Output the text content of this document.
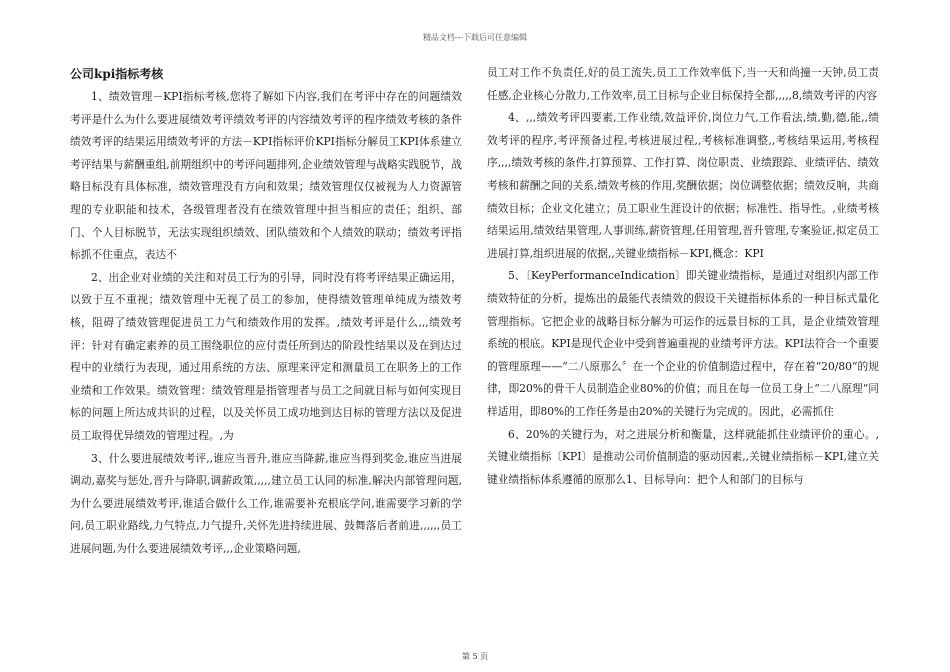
精品文档---下载后可任意编辑
公司kpi指标考核

1、绩效管理－KPI指标考核,您将了解如下内容,我们在考评中存在的问题绩效考评是什么为什么要进展绩效考评绩效考评的内容绩效考评的程序绩效考核的条件绩效考评的结果运用绩效考评的方法－KPI指标评价KPI指标分解员工KPI体系建立考评结果与薪酬重组,前期组织中的考评问题排列,企业绩效管理与战略实践脱节，战略目标没有具体标准，绩效管理没有方向和效果；绩效管理仅仅被视为人力资源管理的专业职能和技术，各级管理者没有在绩效管理中担当相应的责任；组织、部门、个人目标脱节，无法实现组织绩效、团队绩效和个人绩效的联动；绩效考评指标抓不住重点，表达不

2、出企业对业绩的关注和对员工行为的引导，同时没有将考评结果正确运用，以致于互不重视；绩效管理中无视了员工的参加，使得绩效管理单纯成为绩效考核，阻碍了绩效管理促进员工力气和绩效作用的发挥。,绩效考评是什么,,,绩效考评：针对有确定素养的员工围绕职位的应付责任所到达的阶段性结果以及在到达过程中的业绩行为表现，通过用系统的方法、原理来评定和测量员工在职务上的工作业绩和工作效果。绩效管理：绩效管理是指管理者与员工之间就目标与如何实现目标的问题上所达成共识的过程，以及关怀员工成功地到达目标的管理方法以及促进员工取得优异绩效的管理过程。,为

3、什么要进展绩效考评,,谁应当晋升,谁应当降薪,谁应当得到奖金,谁应当进展调动,嘉奖与惩处,晋升与降职,调薪政策,,,,,建立员工认同的标准,解决内部管理问题,为什么要进展绩效考评,谁适合做什么工作,谁需要补充根底学问,谁需要学习新的学问,员工职业路线,力气特点,力气提升,关怀先进持续进展、鼓舞落后者前进,,,,,,员工进展问题,为什么要进展绩效考评,,,企业策略问题,

员工对工作不负责任,好的员工流失,员工工作效率低下,当一天和尚撞一天钟,员工责任感,企业核心分散力,工作效率,员工目标与企业目标保持全都,,,,,8,绩效考评的内容

4、,,,绩效考评四要素,工作业绩,效益评价,岗位力气,工作看法,绩,勤,德,能,,绩效考评的程序,考评预备过程,考核进展过程,,考核标准调整,,考核结果运用,考核程序,,,,绩效考核的条件,打算预算、工作打算、岗位职责、业绩跟踪、业绩评估、绩效考核和薪酬之间的关系,绩效考核的作用,奖酬依据；岗位调整依据；绩效反响，共商绩效目标；企业文化建立；员工职业生涯设计的依据；标准性、指导性。,业绩考核结果运用,绩效结果管理,人事训练,薪资管理,任用管理,晋升管理,专案验证,拟定员工进展打算,组织进展的依据,,关键业绩指标－KPI,概念：KPI

5、〔KeyPerformanceIndication〕即关键业绩指标，是通过对组织内部工作绩效特征的分析，提炼出的最能代表绩效的假设干关键指标体系的一种目标式量化管理指标。它把企业的战略目标分解为可运作的远景目标的工具，是企业绩效管理系统的根底。KPI是现代企业中受到普遍重视的业绩考评方法。KPI法符合一个重要的管理原理——“二八原那么〞在一个企业的价值制造过程中，存在着“20/80“的规律，即20%的骨干人员制造企业80%的价值；而且在每一位员工身上“二八原理“同样适用，即80%的工作任务是由20%的关键行为完成的。因此，必需抓住

6、20%的关键行为，对之进展分析和衡量，这样就能抓住业绩评价的重心。,关键业绩指标〔KPI〕是推动公司价值制造的驱动因素,,关键业绩指标－KPI,建立关键业绩指标体系遵循的原那么1、目标导向：把个人和部门的目标与

第 5 页
